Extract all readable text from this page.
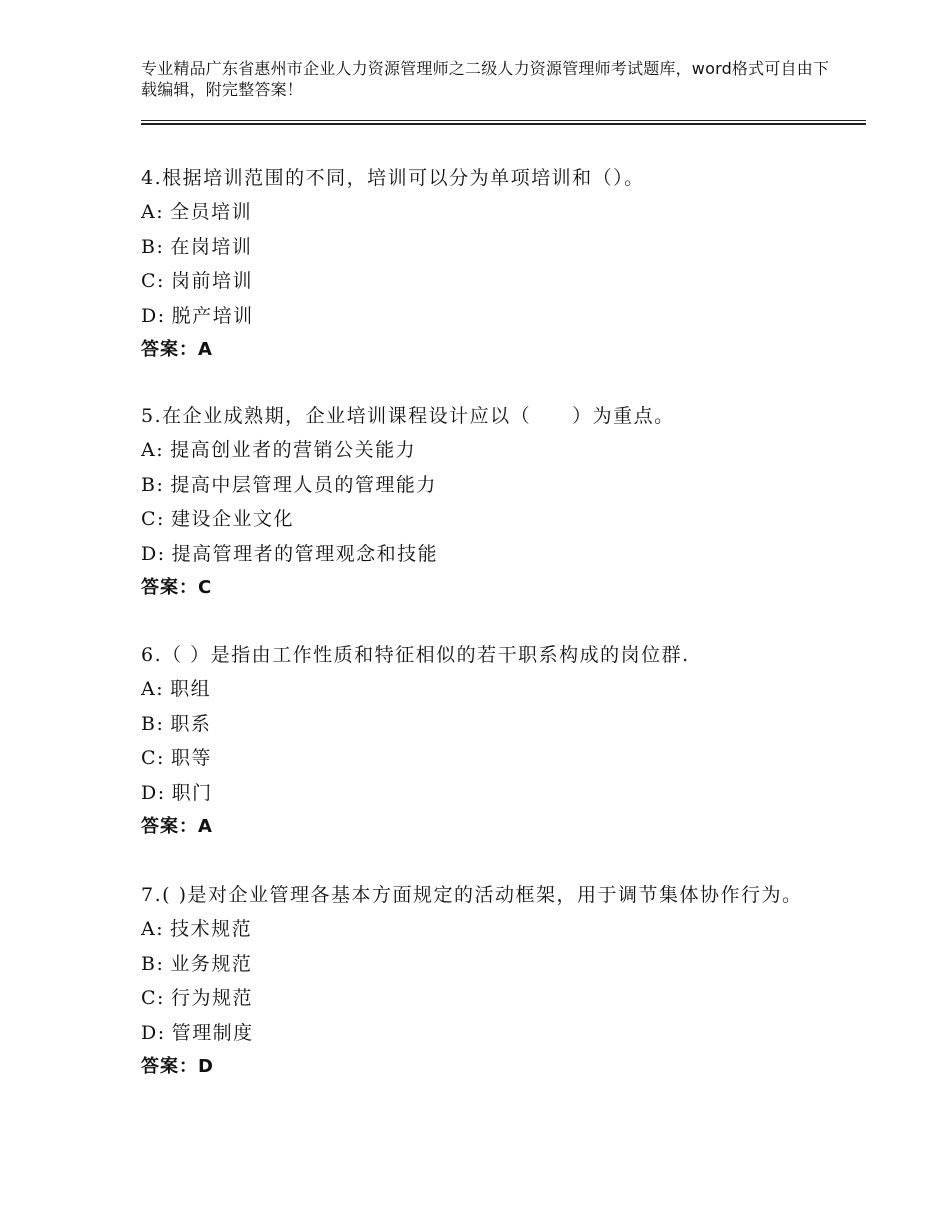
专业精品广东省惠州市企业人力资源管理师之二级人力资源管理师考试题库，word格式可自由下载编辑，附完整答案！
4.根据培训范围的不同，培训可以分为单项培训和（）。
A: 全员培训
B: 在岗培训
C: 岗前培训
D: 脱产培训
答案：A
5.在企业成熟期，企业培训课程设计应以（　　）为重点。
A: 提高创业者的营销公关能力
B: 提高中层管理人员的管理能力
C: 建设企业文化
D: 提高管理者的管理观念和技能
答案：C
6.（ ）是指由工作性质和特征相似的若干职系构成的岗位群.
A: 职组
B: 职系
C: 职等
D: 职门
答案：A
7.( )是对企业管理各基本方面规定的活动框架，用于调节集体协作行为。
A: 技术规范
B: 业务规范
C: 行为规范
D: 管理制度
答案：D
